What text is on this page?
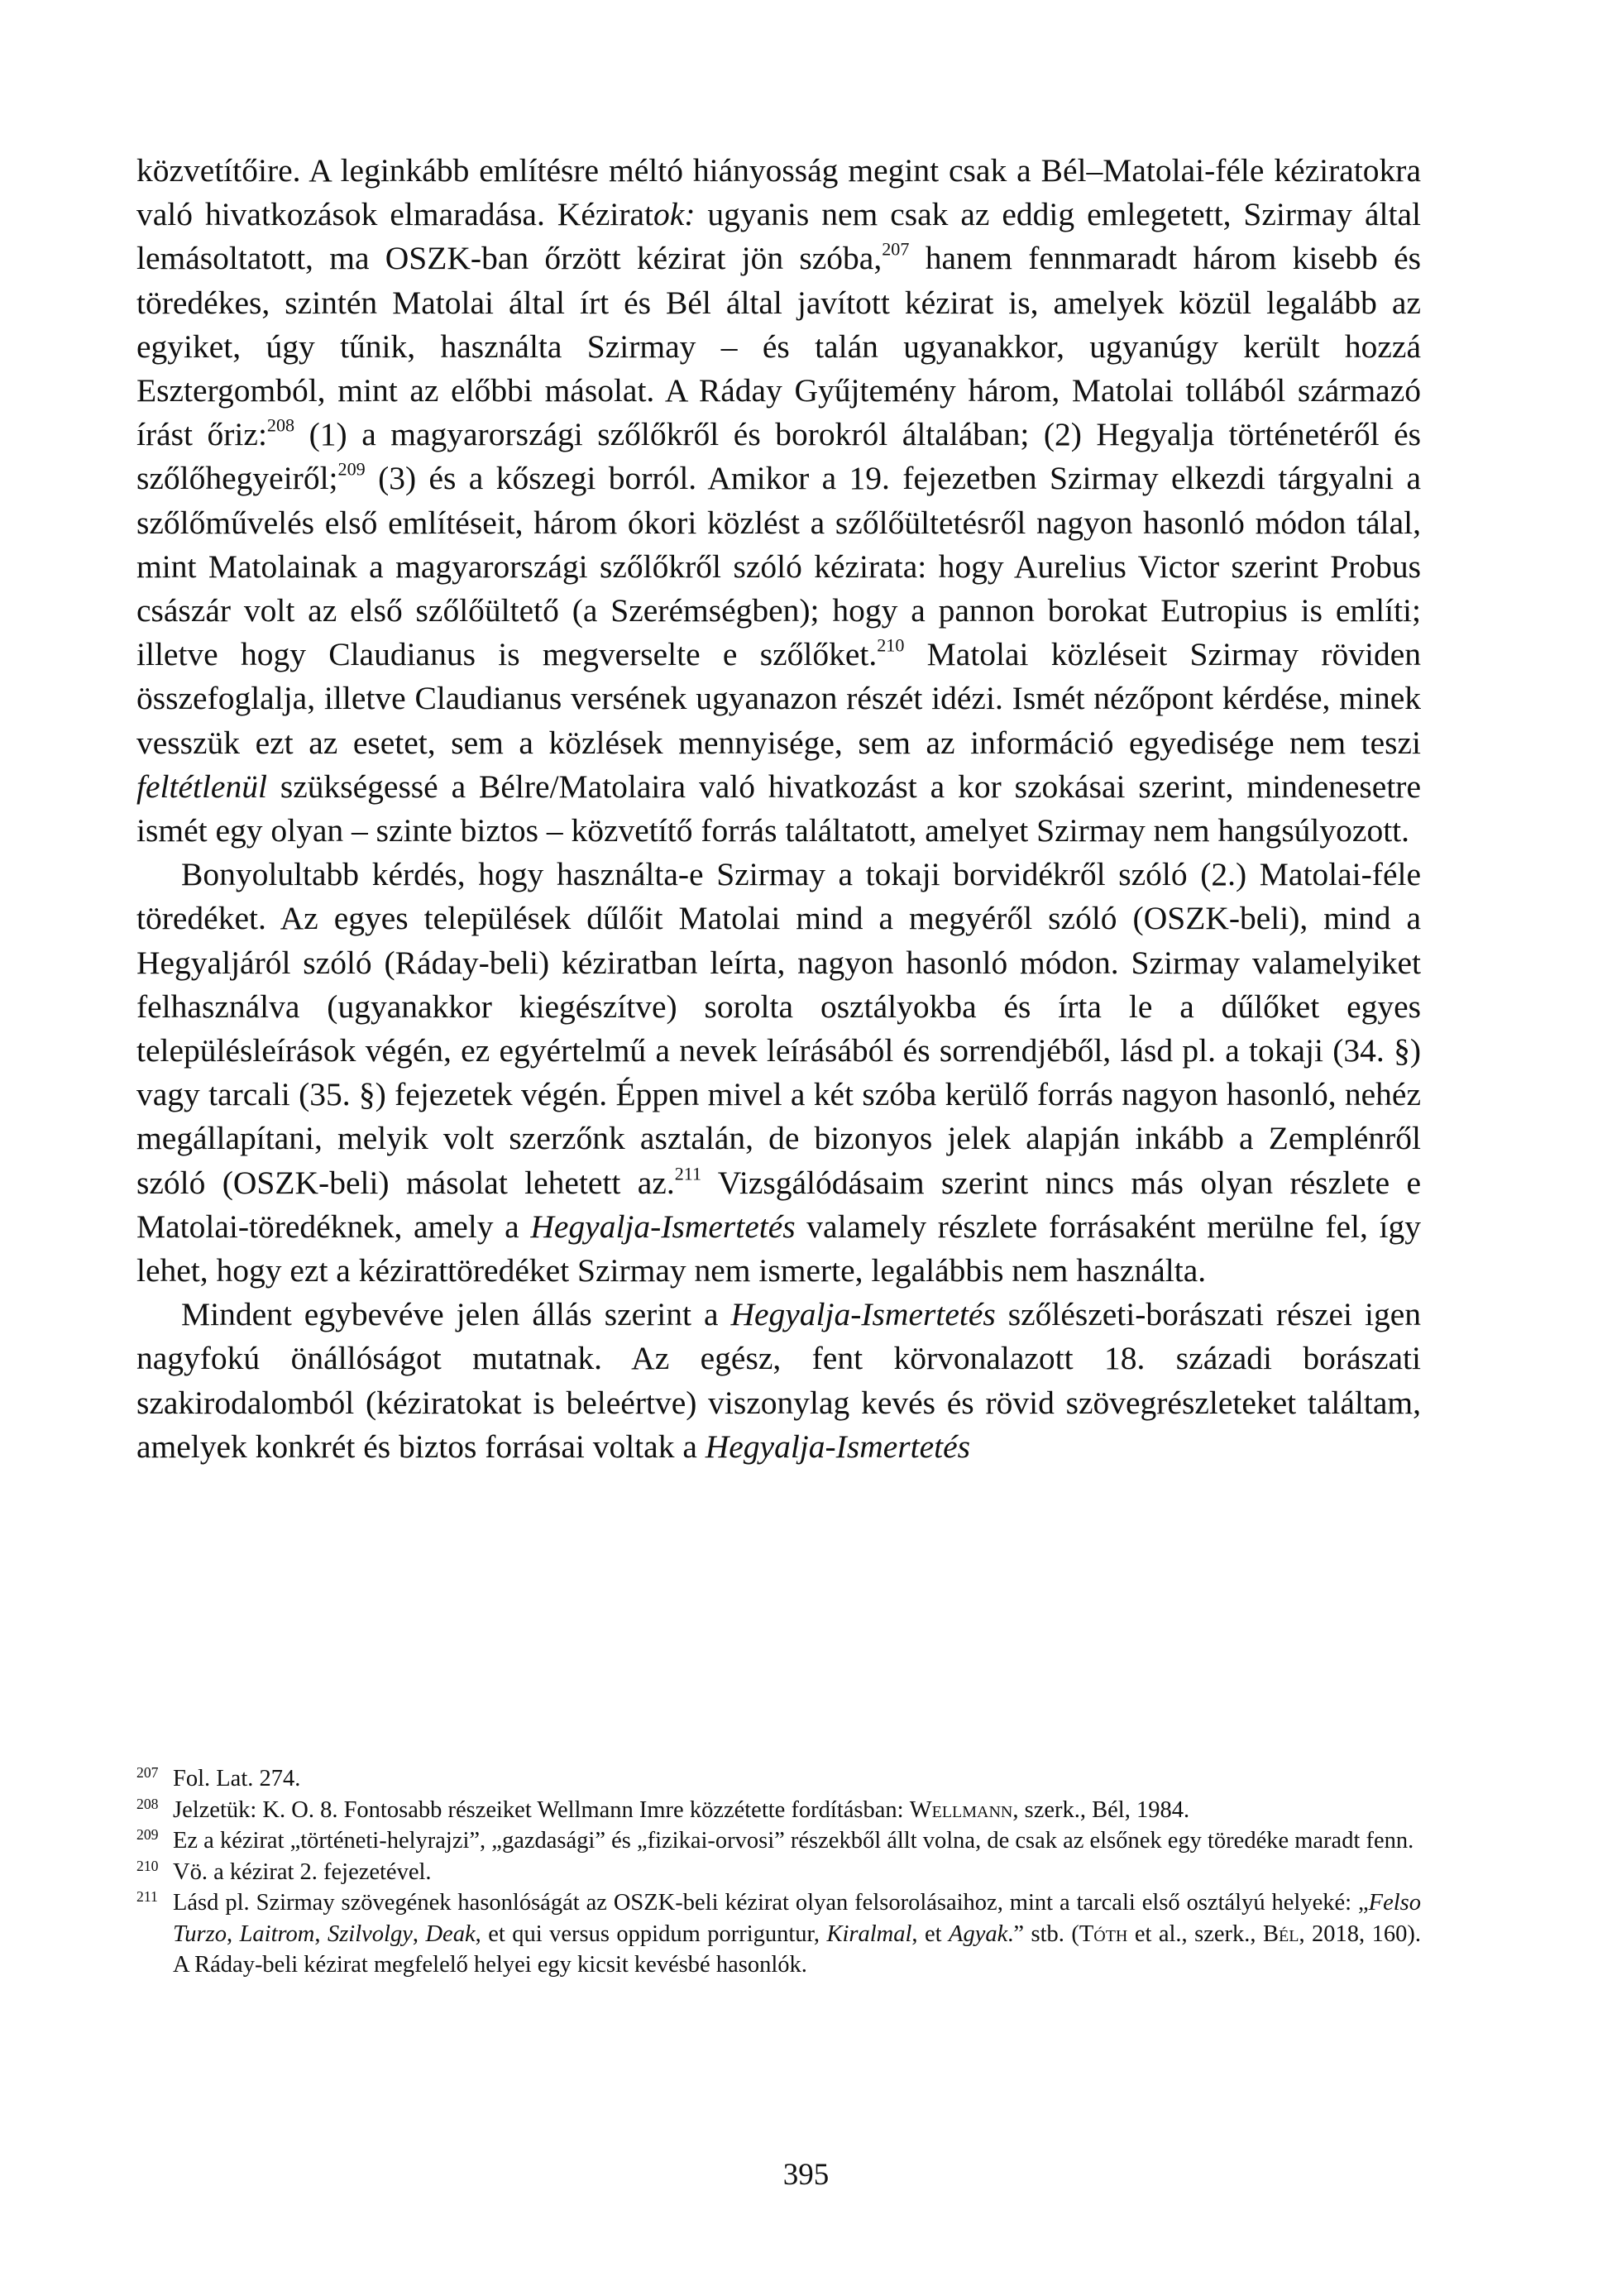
közvetítőire. A leginkább említésre méltó hiányosság megint csak a Bél–Matolai-féle kéziratokra való hivatkozások elmaradása. Kéziratok: ugyanis nem csak az eddig emlegetett, Szirmay által lemásoltatott, ma OSZK-ban őrzött kézirat jön szóba,$^{207}$ hanem fennmaradt három kisebb és töredékes, szintén Matolai által írt és Bél által javított kézirat is, amelyek közül legalább az egyiket, úgy tűnik, használta Szirmay – és talán ugyanakkor, ugyanúgy került hozzá Esztergomból, mint az előbbi másolat. A Ráday Gyűjtemény három, Matolai tollából származó írást őriz:$^{208}$ (1) a magyarországi szőlőkről és borokról általában; (2) Hegyalja történetéről és szőlőhegyeiről;$^{209}$ (3) és a kőszegi borról. Amikor a 19. fejezetben Szirmay elkezdi tárgyalni a szőlőművelés első említéseit, három ókori közlést a szőlőültetésről nagyon hasonló módon tálal, mint Matolainak a magyarországi szőlőkről szóló kézirata: hogy Aurelius Victor szerint Probus császár volt az első szőlőültető (a Szerémségben); hogy a pannon borokat Eutropius is említi; illetve hogy Claudianus is megverselte e szőlőket.$^{210}$ Matolai közléseit Szirmay röviden összefoglalja, illetve Claudianus versének ugyanazon részét idézi. Ismét nézőpont kérdése, minek vesszük ezt az esetet, sem a közlések mennyisége, sem az információ egyedisége nem teszi feltétlenül szükségessé a Bélre/Matolaira való hivatkozást a kor szokásai szerint, mindenesetre ismét egy olyan – szinte biztos – közvetítő forrás találtatott, amelyet Szirmay nem hangsúlyozott.

Bonyolultabb kérdés, hogy használta-e Szirmay a tokaji borvidékről szóló (2.) Matolai-féle töredéket. Az egyes települések dűlőit Matolai mind a megyéről szóló (OSZK-beli), mind a Hegyaljáról szóló (Ráday-beli) kéziratban leírta, nagyon hasonló módon. Szirmay valamelyiket felhasználva (ugyanakkor kiegészítve) sorolta osztályokba és írta le a dűlőket egyes településleírások végén, ez egyértelmű a nevek leírásából és sorrendjéből, lásd pl. a tokaji (34. §) vagy tarcali (35. §) fejezetek végén. Éppen mivel a két szóba kerülő forrás nagyon hasonló, nehéz megállapítani, melyik volt szerzőnk asztalán, de bizonyos jelek alapján inkább a Zemplénről szóló (OSZK-beli) másolat lehetett az.$^{211}$ Vizsgálódásaim szerint nincs más olyan részlete e Matolai-töredéknek, amely a Hegyalja-Ismertetés valamely részlete forrásaként merülne fel, így lehet, hogy ezt a kézirattöredéket Szirmay nem ismerte, legalábbis nem használta.

Mindent egybevéve jelen állás szerint a Hegyalja-Ismertetés szőlészeti-borászati részei igen nagyfokú önállóságot mutatnak. Az egész, fent körvonalazott 18. századi borászati szakirodalomból (kéziratokat is beleértve) viszonylag kevés és rövid szövegrészleteket találtam, amelyek konkrét és biztos forrásai voltak a Hegyalja-Ismertetés

207 Fol. Lat. 274.
208 Jelzetük: K. O. 8. Fontosabb részeiket Wellmann Imre közzétette fordításban: Wellmann, szerk., Bél, 1984.
209 Ez a kézirat „történeti-helyrajzi”, „gazdasági” és „fizikai-orvosi” részekből állt volna, de csak az elsőnek egy töredéke maradt fenn.
210 Vö. a kézirat 2. fejezetével.
211 Lásd pl. Szirmay szövegének hasonlóságát az OSZK-beli kézirat olyan felsorolásaihoz, mint a tarcali első osztályú helyeké: „Felso Turzo, Laitrom, Szilvolgy, Deak, et qui versus oppidum porriguntur, Kiralmal, et Agyak.” stb. (Tóth et al., szerk., Bél, 2018, 160). A Ráday-beli kézirat megfelelő helyei egy kicsit kevésbé hasonlók.
395
